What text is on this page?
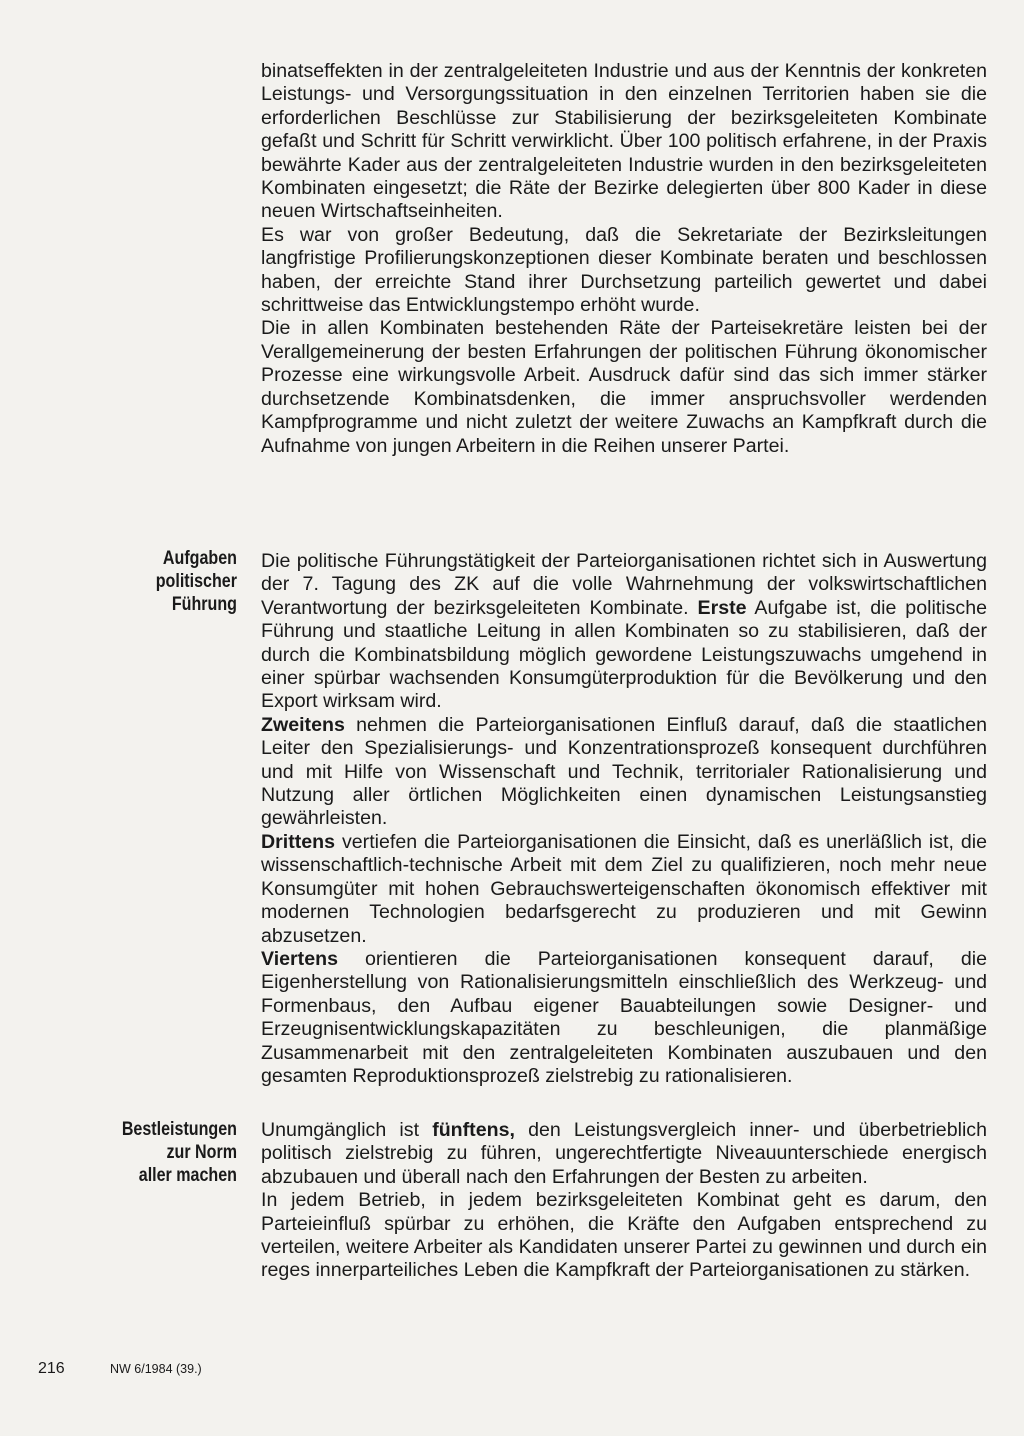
binatseffekten in der zentralgeleiteten Industrie und aus der Kenntnis der konkreten Leistungs- und Versorgungssituation in den einzelnen Territorien haben sie die erforderlichen Beschlüsse zur Stabilisierung der bezirksgeleiteten Kombinate gefaßt und Schritt für Schritt verwirklicht. Über 100 politisch erfahrene, in der Praxis bewährte Kader aus der zentralgeleiteten Industrie wurden in den bezirksgeleiteten Kombinaten eingesetzt; die Räte der Bezirke delegierten über 800 Kader in diese neuen Wirtschaftseinheiten.

Es war von großer Bedeutung, daß die Sekretariate der Bezirksleitungen langfristige Profilierungskonzeptionen dieser Kombinate beraten und beschlossen haben, der erreichte Stand ihrer Durchsetzung parteilich gewertet und dabei schrittweise das Entwicklungstempo erhöht wurde.

Die in allen Kombinaten bestehenden Räte der Parteisekretäre leisten bei der Verallgemeinerung der besten Erfahrungen der politischen Führung ökonomischer Prozesse eine wirkungsvolle Arbeit. Ausdruck dafür sind das sich immer stärker durchsetzende Kombinatsdenken, die immer anspruchsvoller werdenden Kampfprogramme und nicht zuletzt der weitere Zuwachs an Kampfkraft durch die Aufnahme von jungen Arbeitern in die Reihen unserer Partei.

Aufgaben
politischer
Führung

Die politische Führungstätigkeit der Parteiorganisationen richtet sich in Auswertung der 7. Tagung des ZK auf die volle Wahrnehmung der volkswirtschaftlichen Verantwortung der bezirksgeleiteten Kombinate. Erste Aufgabe ist, die politische Führung und staatliche Leitung in allen Kombinaten so zu stabilisieren, daß der durch die Kombinatsbildung möglich gewordene Leistungszuwachs umgehend in einer spürbar wachsenden Konsumgüterproduktion für die Bevölkerung und den Export wirksam wird.

Zweitens nehmen die Parteiorganisationen Einfluß darauf, daß die staatlichen Leiter den Spezialisierungs- und Konzentrationsprozeß konsequent durchführen und mit Hilfe von Wissenschaft und Technik, territorialer Rationalisierung und Nutzung aller örtlichen Möglichkeiten einen dynamischen Leistungsanstieg gewährleisten.

Drittens vertiefen die Parteiorganisationen die Einsicht, daß es unerläßlich ist, die wissenschaftlich-technische Arbeit mit dem Ziel zu qualifizieren, noch mehr neue Konsumgüter mit hohen Gebrauchswerteigenschaften ökonomisch effektiver mit modernen Technologien bedarfsgerecht zu produzieren und mit Gewinn abzusetzen.

Viertens orientieren die Parteiorganisationen konsequent darauf, die Eigenherstellung von Rationalisierungsmitteln einschließlich des Werkzeug- und Formenbaus, den Aufbau eigener Bauabteilungen sowie Designer- und Erzeugnisentwicklungskapazitäten zu beschleunigen, die planmäßige Zusammenarbeit mit den zentralgeleiteten Kombinaten auszubauen und den gesamten Reproduktionsprozeß zielstrebig zu rationalisieren.

Bestleistungen
zur Norm
aller machen

Unumgänglich ist fünftens, den Leistungsvergleich inner- und überbetrieblich politisch zielstrebig zu führen, ungerechtfertigte Niveauunterschiede energisch abzubauen und überall nach den Erfahrungen der Besten zu arbeiten.

In jedem Betrieb, in jedem bezirksgeleiteten Kombinat geht es darum, den Parteieinfluß spürbar zu erhöhen, die Kräfte den Aufgaben entsprechend zu verteilen, weitere Arbeiter als Kandidaten unserer Partei zu gewinnen und durch ein reges innerparteiliches Leben die Kampfkraft der Parteiorganisationen zu stärken.

216	NW 6/1984 (39.)
